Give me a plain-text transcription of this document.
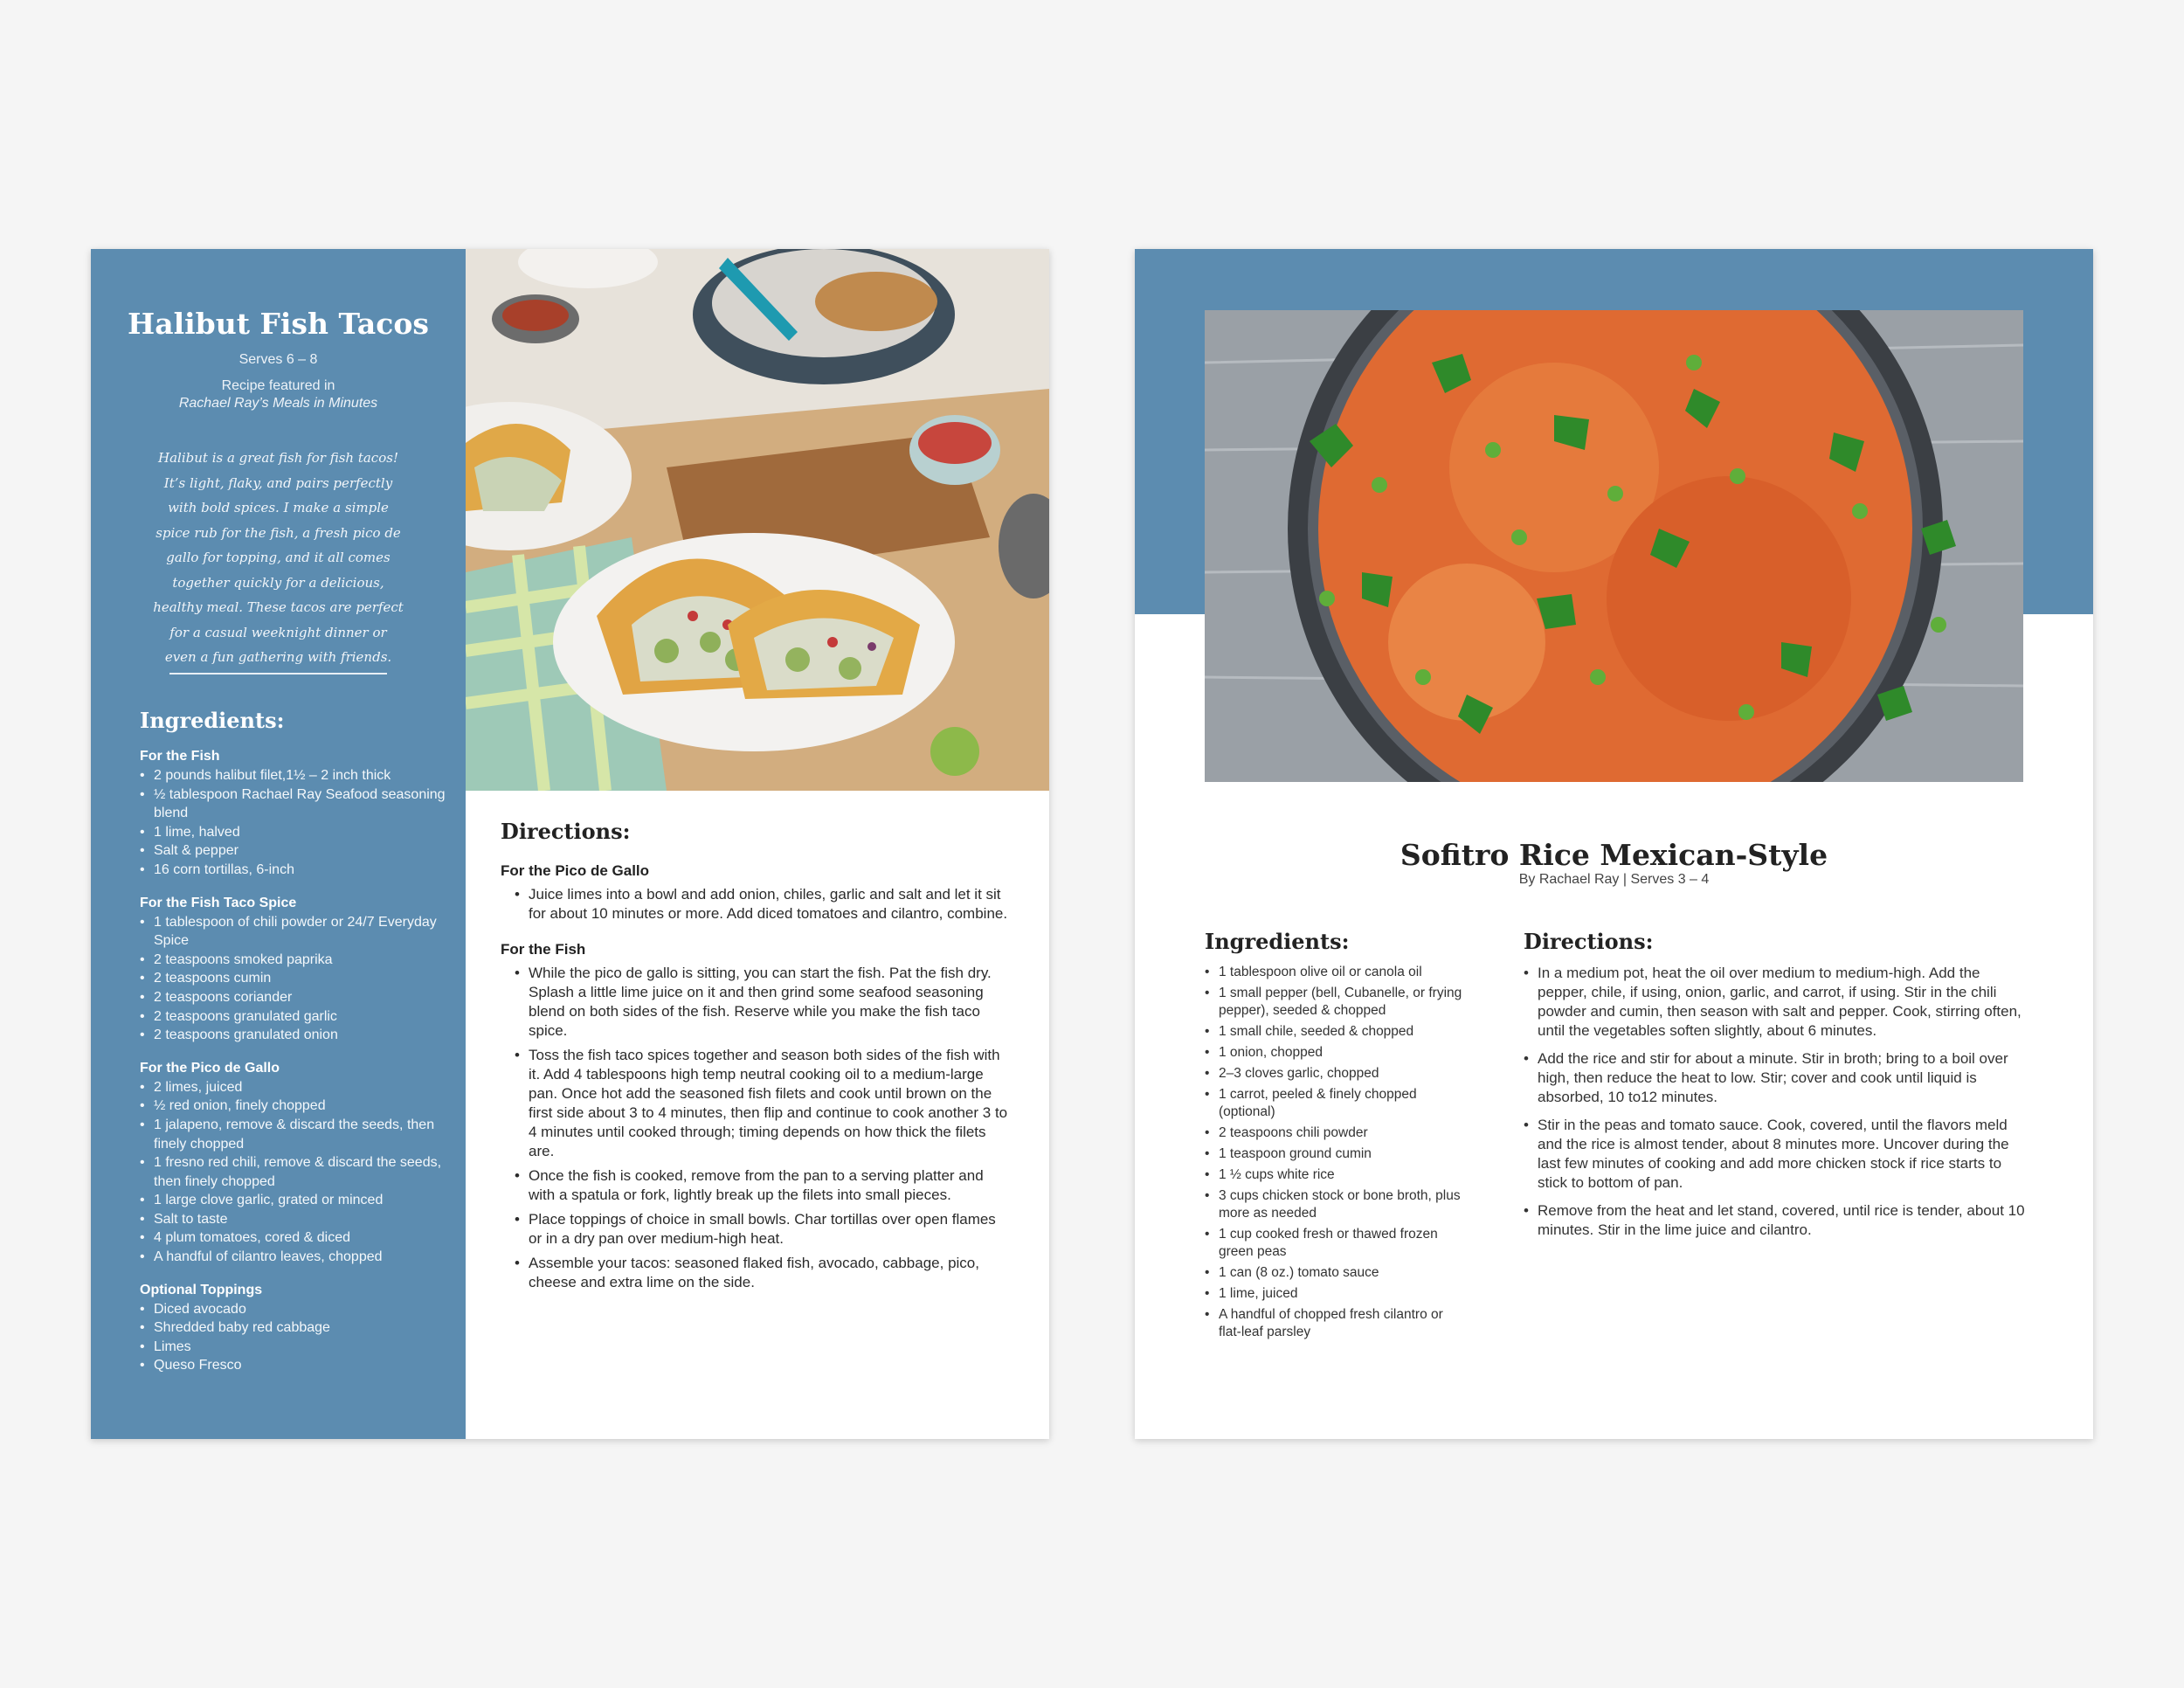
Halibut Fish Tacos
Serves 6 – 8
Recipe featured in
Rachael Ray’s Meals in Minutes
Halibut is a great fish for fish tacos! It’s light, flaky, and pairs perfectly with bold spices. I make a simple spice rub for the fish, a fresh pico de gallo for topping, and it all comes together quickly for a delicious, healthy meal. These tacos are perfect for a casual weeknight dinner or even a fun gathering with friends.
Ingredients:
For the Fish
• 2 pounds halibut filet,1½ – 2 inch thick
• ½ tablespoon Rachael Ray Seafood seasoning blend
• 1 lime, halved
• Salt & pepper
• 16 corn tortillas, 6-inch
For the Fish Taco Spice
• 1 tablespoon of chili powder or 24/7 Everyday Spice
• 2 teaspoons smoked paprika
• 2 teaspoons cumin
• 2 teaspoons coriander
• 2 teaspoons granulated garlic
• 2 teaspoons granulated onion
For the Pico de Gallo
• 2 limes, juiced
• ½ red onion, finely chopped
• 1 jalapeno, remove & discard the seeds, then finely chopped
• 1 fresno red chili, remove & discard the seeds, then finely chopped
• 1 large clove garlic, grated or minced
• Salt to taste
• 4 plum tomatoes, cored & diced
• A handful of cilantro leaves, chopped
Optional Toppings
• Diced avocado
• Shredded baby red cabbage
• Limes
• Queso Fresco
Directions:
For the Pico de Gallo
• Juice limes into a bowl and add onion, chiles, garlic and salt and let it sit for about 10 minutes or more. Add diced tomatoes and cilantro, combine.
For the Fish
• While the pico de gallo is sitting, you can start the fish. Pat the fish dry. Splash a little lime juice on it and then grind some seafood seasoning blend on both sides of the fish. Reserve while you make the fish taco spice.
• Toss the fish taco spices together and season both sides of the fish with it. Add 4 tablespoons high temp neutral cooking oil to a medium-large pan. Once hot add the seasoned fish filets and cook until brown on the first side about 3 to 4 minutes, then flip and continue to cook another 3 to 4 minutes until cooked through; timing depends on how thick the filets are.
• Once the fish is cooked, remove from the pan to a serving platter and with a spatula or fork, lightly break up the filets into small pieces.
• Place toppings of choice in small bowls. Char tortillas over open flames or in a dry pan over medium-high heat.
• Assemble your tacos: seasoned flaked fish, avocado, cabbage, pico, cheese and extra lime on the side.
Sofitro Rice Mexican-Style
By Rachael Ray | Serves 3 – 4
Ingredients:	Directions:
• 1 tablespoon olive oil or canola oil
• 1 small pepper (bell, Cubanelle, or frying pepper), seeded & chopped
• 1 small chile, seeded & chopped
• 1 onion, chopped
• 2–3 cloves garlic, chopped
• 1 carrot, peeled & finely chopped (optional)
• 2 teaspoons chili powder
• 1 teaspoon ground cumin
• 1 ½ cups white rice
• 3 cups chicken stock or bone broth, plus more as needed
• 1 cup cooked fresh or thawed frozen green peas
• 1 can (8 oz.) tomato sauce
• 1 lime, juiced
• A handful of chopped fresh cilantro or flat-leaf parsley
• In a medium pot, heat the oil over medium to medium-high. Add the pepper, chile, if using, onion, garlic, and carrot, if using. Stir in the chili powder and cumin, then season with salt and pepper. Cook, stirring often, until the vegetables soften slightly, about 6 minutes.
• Add the rice and stir for about a minute. Stir in broth; bring to a boil over high, then reduce the heat to low. Stir; cover and cook until liquid is absorbed, 10 to12 minutes.
• Stir in the peas and tomato sauce. Cook, covered, until the flavors meld and the rice is almost tender, about 8 minutes more. Uncover during the last few minutes of cooking and add more chicken stock if rice starts to stick to bottom of pan.
• Remove from the heat and let stand, covered, until rice is tender, about 10 minutes. Stir in the lime juice and cilantro.
